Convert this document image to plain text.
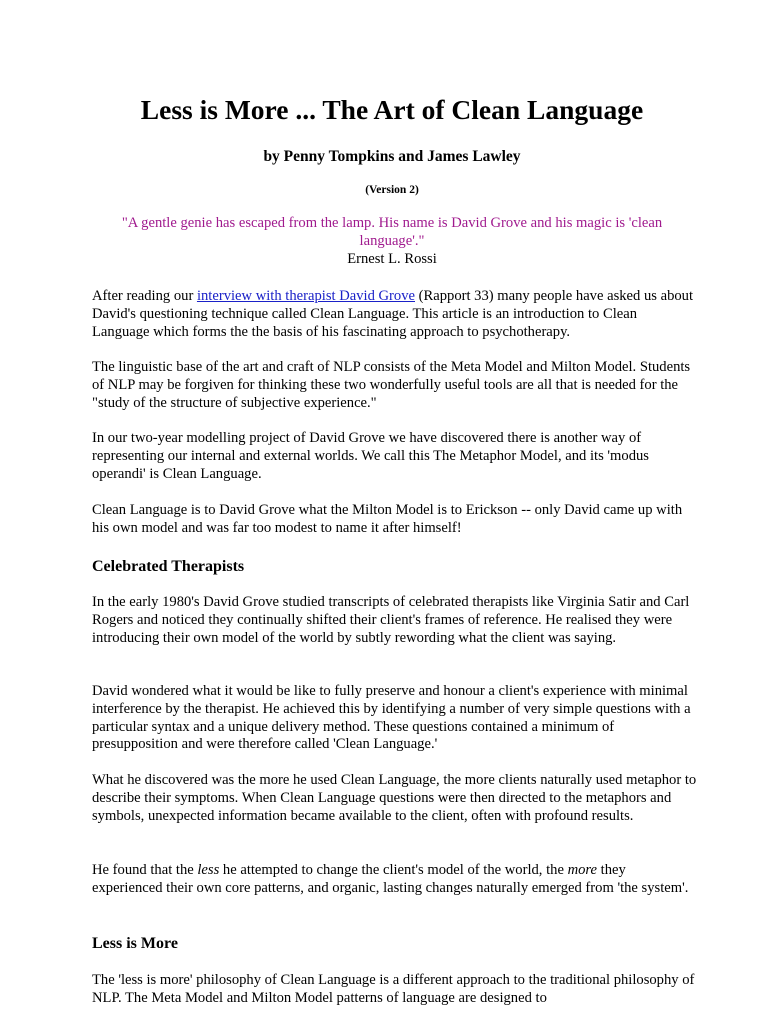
Less is More ... The Art of Clean Language

by Penny Tompkins and James Lawley

(Version 2)

"A gentle genie has escaped from the lamp. His name is David Grove and his magic is 'clean language'."
Ernest L. Rossi

After reading our interview with therapist David Grove (Rapport 33) many people have asked us about David's questioning technique called Clean Language. This article is an introduction to Clean Language which forms the the basis of his fascinating approach to psychotherapy.

The linguistic base of the art and craft of NLP consists of the Meta Model and Milton Model. Students of NLP may be forgiven for thinking these two wonderfully useful tools are all that is needed for the "study of the structure of subjective experience."

In our two-year modelling project of David Grove we have discovered there is another way of representing our internal and external worlds. We call this The Metaphor Model, and its 'modus operandi' is Clean Language.

Clean Language is to David Grove what the Milton Model is to Erickson -- only David came up with his own model and was far too modest to name it after himself!

Celebrated Therapists

In the early 1980's David Grove studied transcripts of celebrated therapists like Virginia Satir and Carl Rogers and noticed they continually shifted their client's frames of reference. He realised they were introducing their own model of the world by subtly rewording what the client was saying.

David wondered what it would be like to fully preserve and honour a client's experience with minimal interference by the therapist. He achieved this by identifying a number of very simple questions with a particular syntax and a unique delivery method. These questions contained a minimum of presupposition and were therefore called 'Clean Language.'

What he discovered was the more he used Clean Language, the more clients naturally used metaphor to describe their symptoms. When Clean Language questions were then directed to the metaphors and symbols, unexpected information became available to the client, often with profound results.

He found that the less he attempted to change the client's model of the world, the more they experienced their own core patterns, and organic, lasting changes naturally emerged from 'the system'.

Less is More

The 'less is more' philosophy of Clean Language is a different approach to the traditional philosophy of NLP. The Meta Model and Milton Model patterns of language are designed to
